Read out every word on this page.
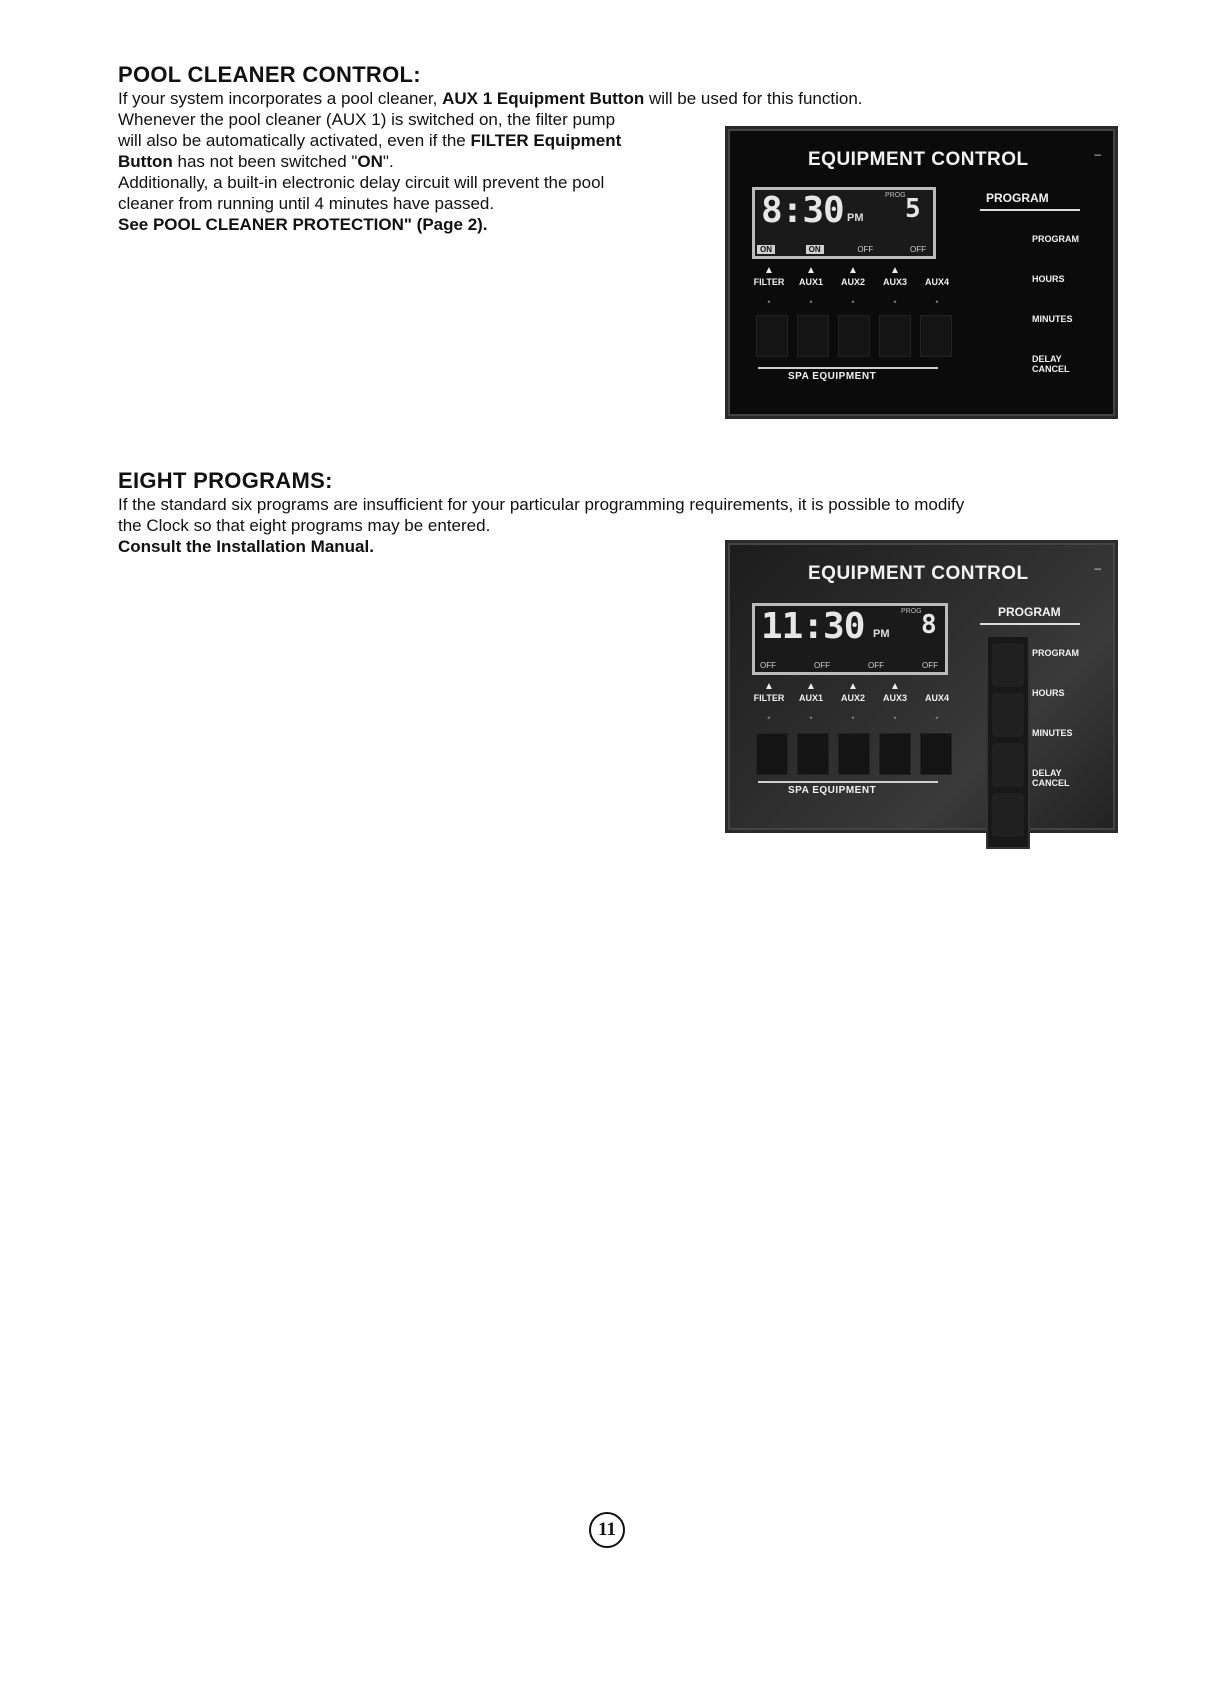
POOL CLEANER CONTROL:

If your system incorporates a pool cleaner, AUX 1 Equipment Button will be used for this function.

Whenever the pool cleaner (AUX 1) is switched on, the filter pump
will also be automatically activated, even if the FILTER Equipment
Button has not been switched "ON".

Additionally, a built-in electronic delay circuit will prevent the pool
cleaner from running until 4 minutes have passed.

See POOL CLEANER PROTECTION" (Page 2).

EQUIPMENT CONTROL	–
8:30 PM
PROG 5
ON	ON	OFF	OFF
▲	▲	▲	▲
FILTER	AUX1	AUX2	AUX3	AUX4
•	•	•	•	•
SPA EQUIPMENT
PROGRAM
PROGRAM
HOURS
MINUTES
DELAY CANCEL
EIGHT PROGRAMS:

If the standard six programs are insufficient for your particular programming requirements, it is possible to modify
the Clock so that eight programs may be entered.

Consult the Installation Manual.

EQUIPMENT CONTROL	–
11:30 PM
PROG 8
OFF	OFF	OFF	OFF
▲	▲	▲	▲
FILTER	AUX1	AUX2	AUX3	AUX4
•	•	•	•	•
SPA EQUIPMENT
PROGRAM
PROGRAM
HOURS
MINUTES
DELAY CANCEL
11
